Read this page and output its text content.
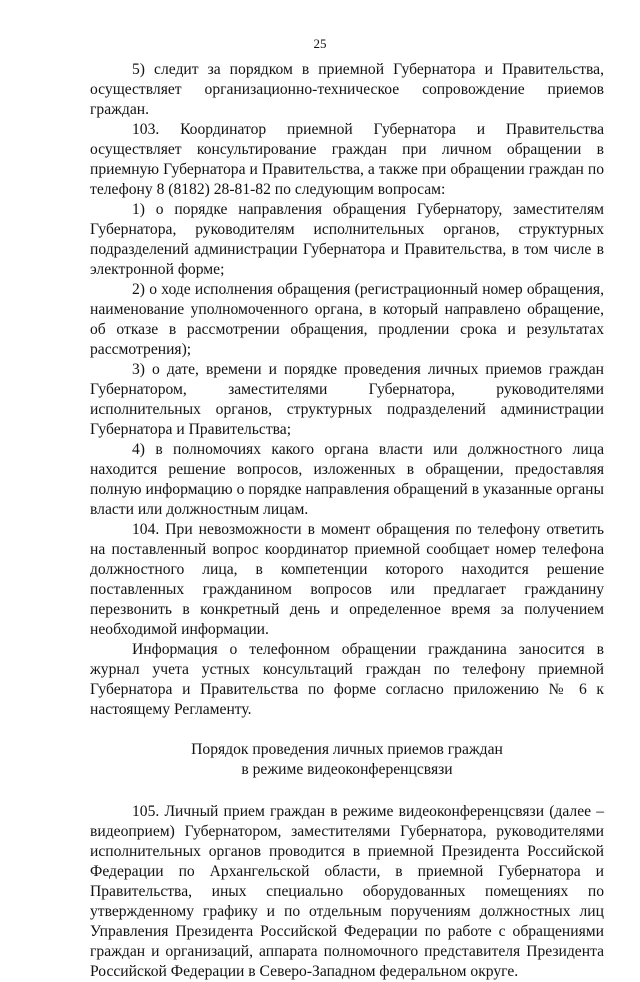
25

5) следит за порядком в приемной Губернатора и Правительства, осуществляет организационно-техническое сопровождение приемов граждан.

103. Координатор приемной Губернатора и Правительства осуществляет консультирование граждан при личном обращении в приемную Губернатора и Правительства, а также при обращении граждан по телефону 8 (8182) 28-81-82 по следующим вопросам:

1) о порядке направления обращения Губернатору, заместителям Губернатора, руководителям исполнительных органов, структурных подразделений администрации Губернатора и Правительства, в том числе в электронной форме;

2) о ходе исполнения обращения (регистрационный номер обращения, наименование уполномоченного органа, в который направлено обращение, об отказе в рассмотрении обращения, продлении срока и результатах рассмотрения);

3) о дате, времени и порядке проведения личных приемов граждан Губернатором, заместителями Губернатора, руководителями исполнительных органов, структурных подразделений администрации Губернатора и Правительства;

4) в полномочиях какого органа власти или должностного лица находится решение вопросов, изложенных в обращении, предоставляя полную информацию о порядке направления обращений в указанные органы власти или должностным лицам.

104. При невозможности в момент обращения по телефону ответить на поставленный вопрос координатор приемной сообщает номер телефона должностного лица, в компетенции которого находится решение поставленных гражданином вопросов или предлагает гражданину перезвонить в конкретный день и определенное время за получением необходимой информации.

Информация о телефонном обращении гражданина заносится в журнал учета устных консультаций граждан по телефону приемной Губернатора и Правительства по форме согласно приложению № 6 к настоящему Регламенту.

Порядок проведения личных приемов граждан
в режиме видеоконференцсвязи

105. Личный прием граждан в режиме видеоконференцсвязи (далее – видеоприем) Губернатором, заместителями Губернатора, руководителями исполнительных органов проводится в приемной Президента Российской Федерации по Архангельской области, в приемной Губернатора и Правительства, иных специально оборудованных помещениях по утвержденному графику и по отдельным поручениям должностных лиц Управления Президента Российской Федерации по работе с обращениями граждан и организаций, аппарата полномочного представителя Президента Российской Федерации в Северо-Западном федеральном округе.
